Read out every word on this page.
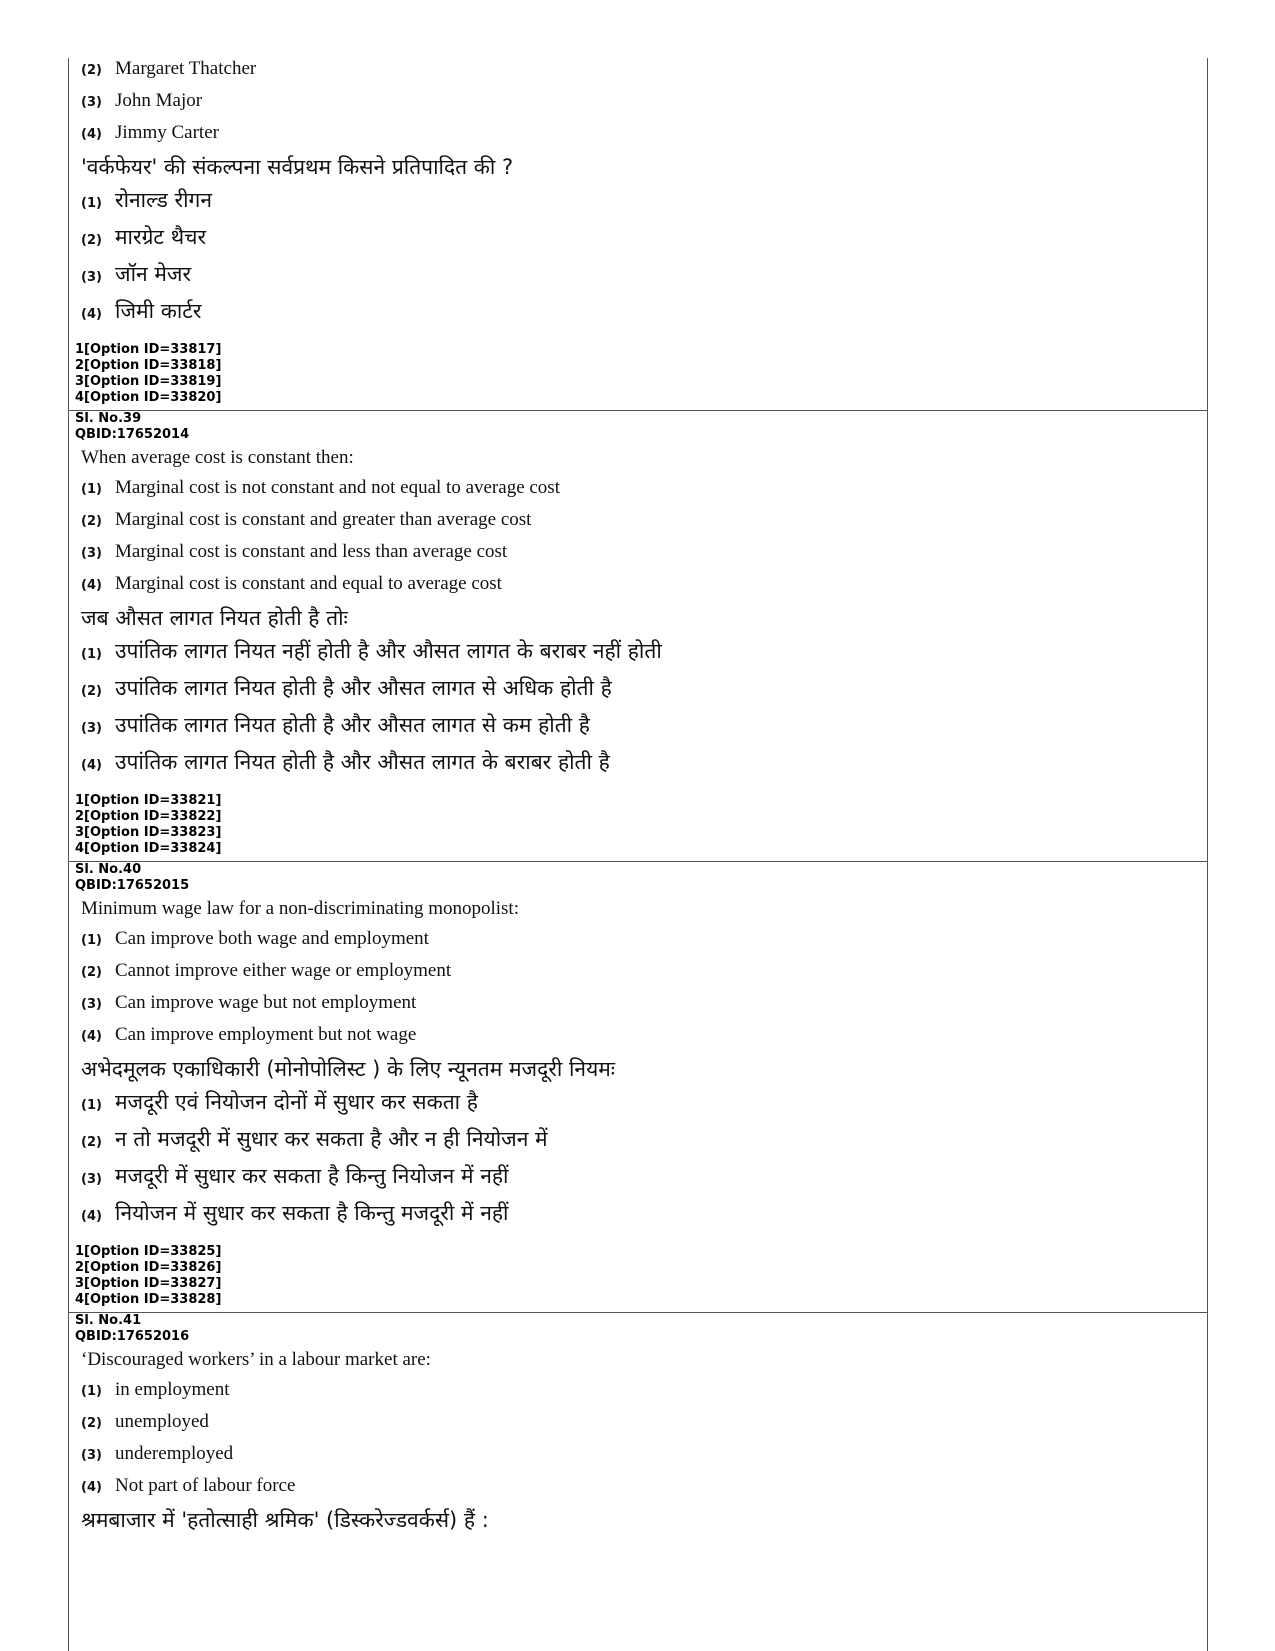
(2) Margaret Thatcher
(3) John Major
(4) Jimmy Carter
'वर्कफेयर' की संकल्पना सर्वप्रथम किसने प्रतिपादित की ?
(1) रोनाल्ड रीगन
(2) मारग्रेट थैचर
(3) जॉन मेजर
(4) जिमी कार्टर
1[Option ID=33817]
2[Option ID=33818]
3[Option ID=33819]
4[Option ID=33820]
Sl. No.39
QBID:17652014
When average cost is constant then:
(1) Marginal cost is not constant and not equal to average cost
(2) Marginal cost is constant and greater than average cost
(3) Marginal cost is constant and less than average cost
(4) Marginal cost is constant and equal to average cost
जब औसत लागत नियत होती है तोः
(1) उपांतिक लागत नियत नहीं होती है और औसत लागत के बराबर नहीं होती
(2) उपांतिक लागत नियत होती है और औसत लागत से अधिक होती है
(3) उपांतिक लागत नियत होती है और औसत लागत से कम होती है
(4) उपांतिक लागत नियत होती है और औसत लागत के बराबर होती है
1[Option ID=33821]
2[Option ID=33822]
3[Option ID=33823]
4[Option ID=33824]
Sl. No.40
QBID:17652015
Minimum wage law for a non-discriminating monopolist:
(1) Can improve both wage and employment
(2) Cannot improve either wage or employment
(3) Can improve wage but not employment
(4) Can improve employment but not wage
अभेदमूलक एकाधिकारी (मोनोपोलिस्ट ) के लिए न्यूनतम मजदूरी नियमः
(1) मजदूरी एवं नियोजन दोनों में सुधार कर सकता है
(2) न तो मजदूरी में सुधार कर सकता है और न ही नियोजन में
(3) मजदूरी में सुधार कर सकता है किन्तु नियोजन में नहीं
(4) नियोजन में सुधार कर सकता है किन्तु मजदूरी में नहीं
1[Option ID=33825]
2[Option ID=33826]
3[Option ID=33827]
4[Option ID=33828]
Sl. No.41
QBID:17652016
‘Discouraged workers’ in a labour market are:
(1) in employment
(2) unemployed
(3) underemployed
(4) Not part of labour force
श्रमबाजार में 'हतोत्साही श्रमिक' (डिस्करेज्डवर्कर्स) हैं :
